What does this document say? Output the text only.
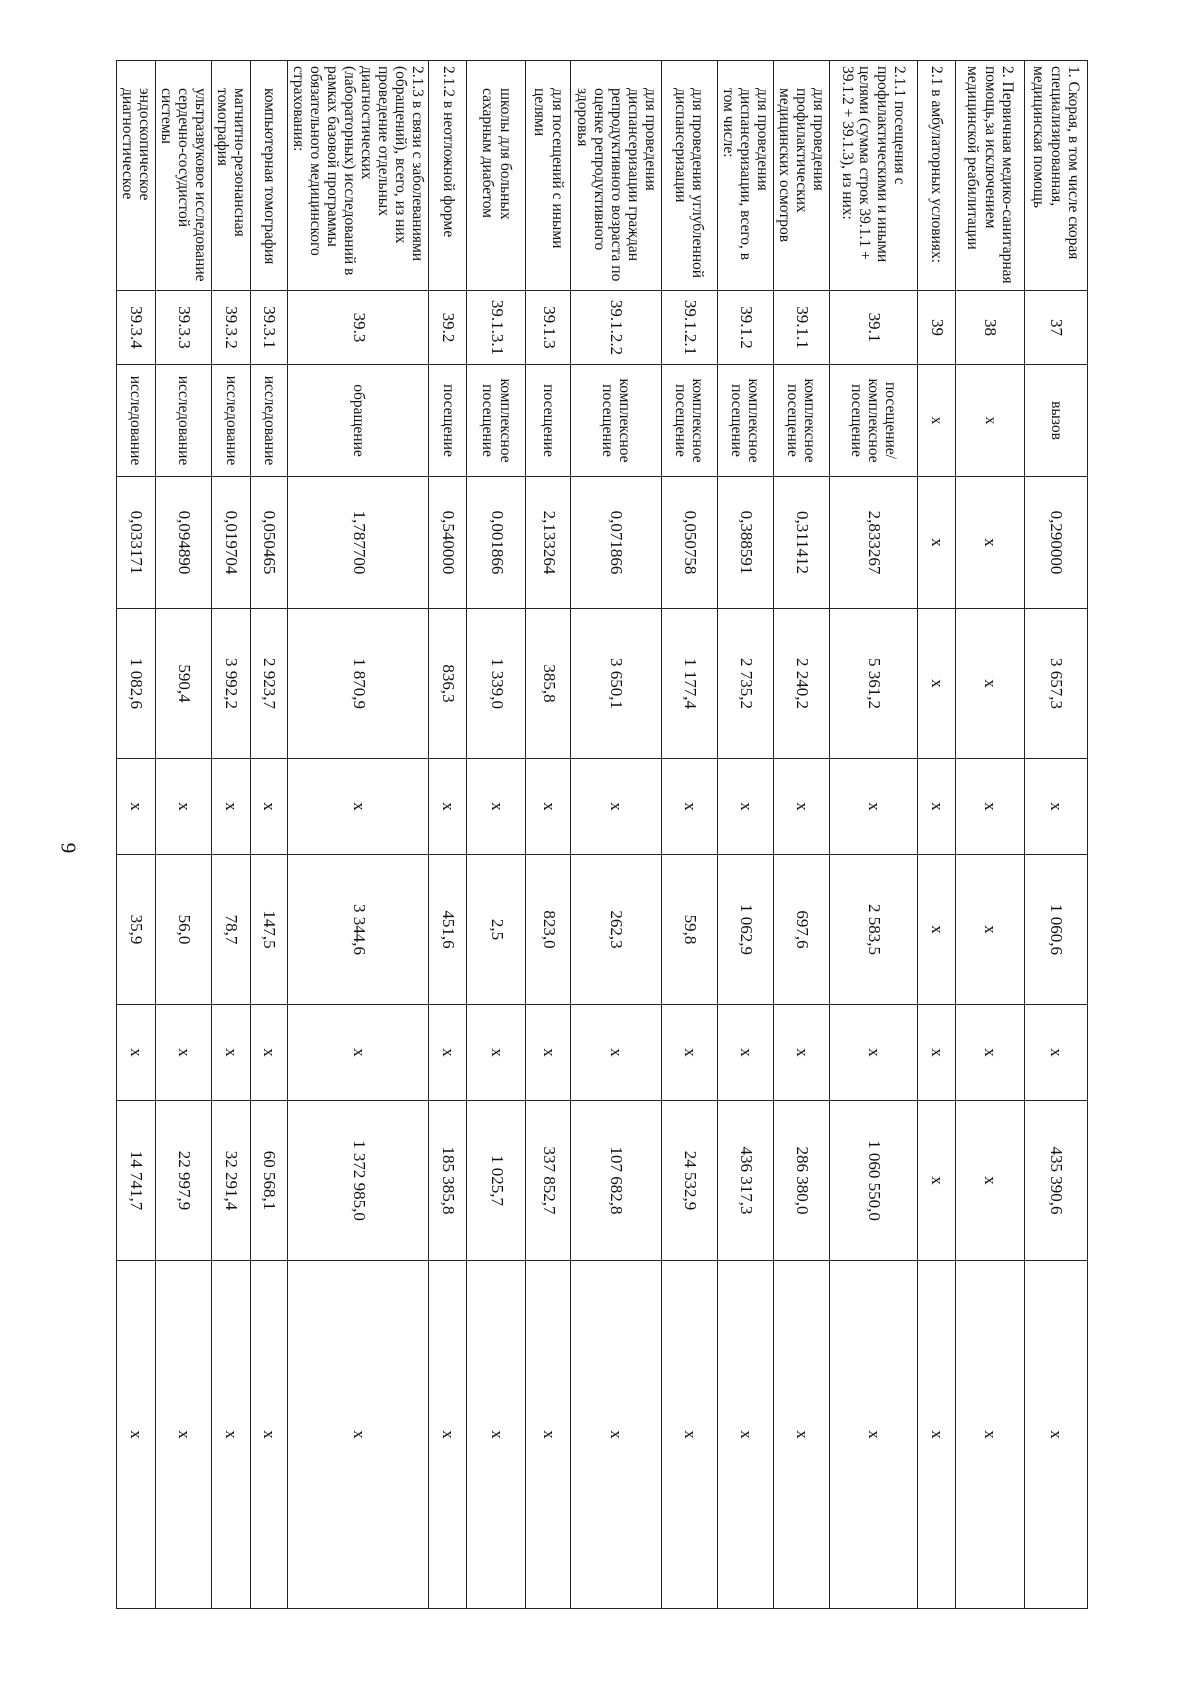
9
1. Скорая, в том числе скорая специализированная, медицинская помощь	37	вызов	0,290000	3 657,3	х	1 060,6	х	435 390,6	х
2. Первичная медико-санитарная помощь,за исключением медицинской реабилитации	38	х	х	х	х	х	х	х	х
2.1 в амбулаторных условиях:	39	х	х	х	х	х	х	х	х
2.1.1 посещения с профилактическими и иными целями (сумма строк 39.1.1 + 39.1.2 + 39.1.3), из них:	39.1	посещение/ комплексное посещение	2,833267	5 361,2	х	2 583,5	х	1 060 550,0	х
для проведения профилактических медицинских осмотров	39.1.1	комплексное посещение	0,311412	2 240,2	х	697,6	х	286 380,0	х
для проведения диспансеризации, всего, в том числе:	39.1.2	комплексное посещение	0,388591	2 735,2	х	1 062,9	х	436 317,3	х
для проведения углубленной диспансеризации	39.1.2.1	комплексное посещение	0,050758	1 177,4	х	59,8	х	24 532,9	х
для проведения диспансеризации граждан репродуктивного возраста по оценке репродуктивного здоровья	39.1.2.2	комплексное посещение	0,071866	3 650,1	х	262,3	х	107 682,8	х
для посещений с иными целями	39.1.3	посещение	2,133264	385,8	х	823,0	х	337 852,7	х
школы для больных сахарным диабетом	39.1.3.1	комплексное посещение	0,001866	1 339,0	х	2,5	х	1 025,7	х
2.1.2 в неотложной форме	39.2	посещение	0,540000	836,3	х	451,6	х	185 385,8	х
2.1.3 в связи с заболеваниями (обращений), всего, из них проведение отдельных диагностических (лабораторных) исследований в рамках базовой программы обязательного медицинского страхования:	39.3	обращение	1,787700	1 870,9	х	3 344,6	х	1 372 985,0	х
компьютерная томография	39.3.1	исследование	0,050465	2 923,7	х	147,5	х	60 568,1	х
магнитно-резонансная томография	39.3.2	исследование	0,019704	3 992,2	х	78,7	х	32 291,4	х
ультразвуковое исследование сердечно-сосудистой системы	39.3.3	исследование	0,094890	590,4	х	56,0	х	22 997,9	х
эндоскопическое диагностическое	39.3.4	исследование	0,033171	1 082,6	х	35,9	х	14 741,7	х
